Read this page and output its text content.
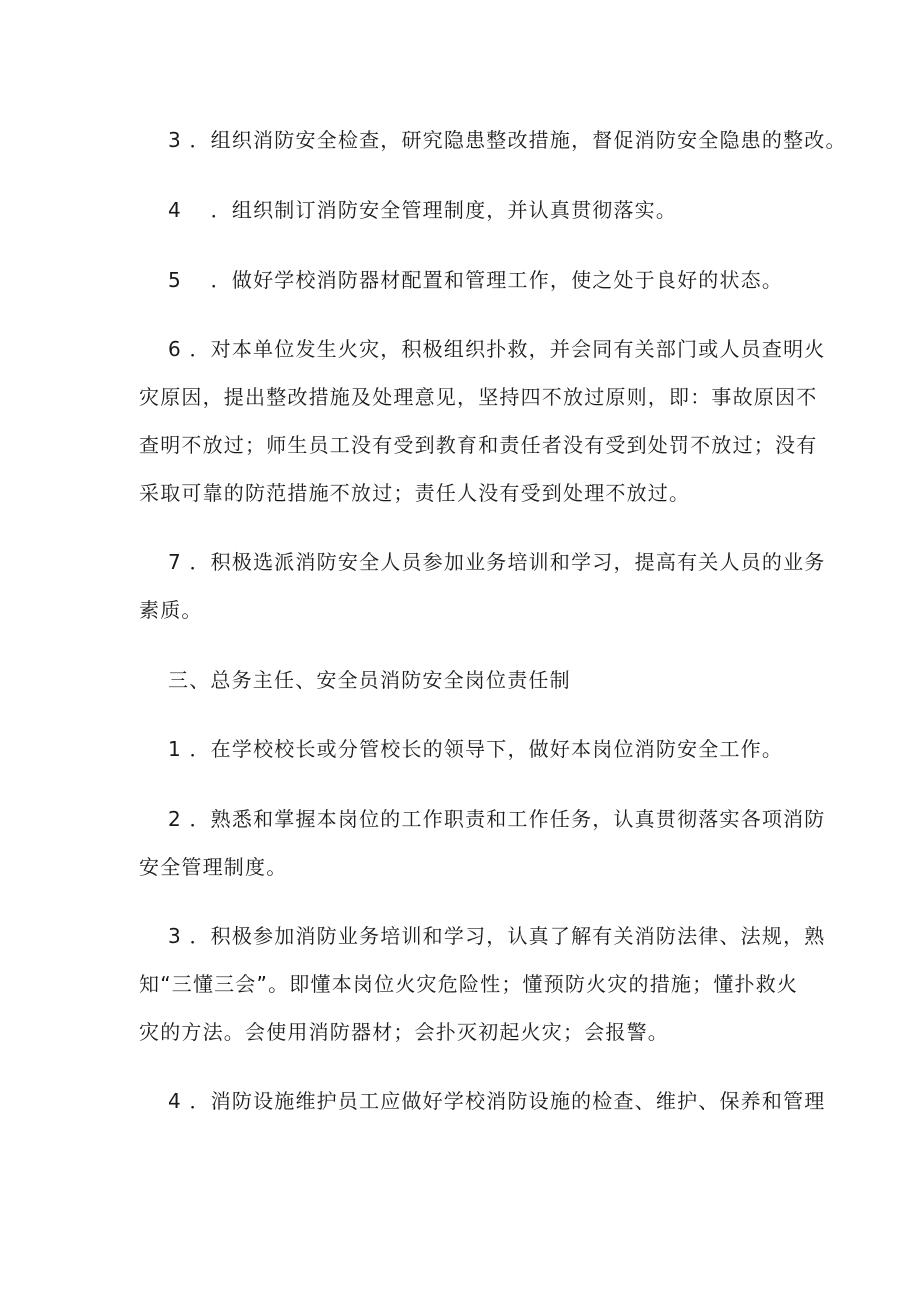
3 ．组织消防安全检查，研究隐患整改措施，督促消防安全隐患的整改。
4　 ．组织制订消防安全管理制度，并认真贯彻落实。
5　 ．做好学校消防器材配置和管理工作，使之处于良好的状态。
6 ．对本单位发生火灾，积极组织扑救，并会同有关部门或人员查明火
灾原因，提出整改措施及处理意见，坚持四不放过原则，即：事故原因不
查明不放过；师生员工没有受到教育和责任者没有受到处罚不放过；没有
采取可靠的防范措施不放过；责任人没有受到处理不放过。
7 ．积极选派消防安全人员参加业务培训和学习，提高有关人员的业务
素质。
三、总务主任、安全员消防安全岗位责任制
1 ．在学校校长或分管校长的领导下，做好本岗位消防安全工作。
2 ．熟悉和掌握本岗位的工作职责和工作任务，认真贯彻落实各项消防
安全管理制度。
3 ．积极参加消防业务培训和学习，认真了解有关消防法律、法规，熟
知“三懂三会”。即懂本岗位火灾危险性；懂预防火灾的措施；懂扑救火
灾的方法。会使用消防器材；会扑灭初起火灾；会报警。
4 ．消防设施维护员工应做好学校消防设施的检查、维护、保养和管理
